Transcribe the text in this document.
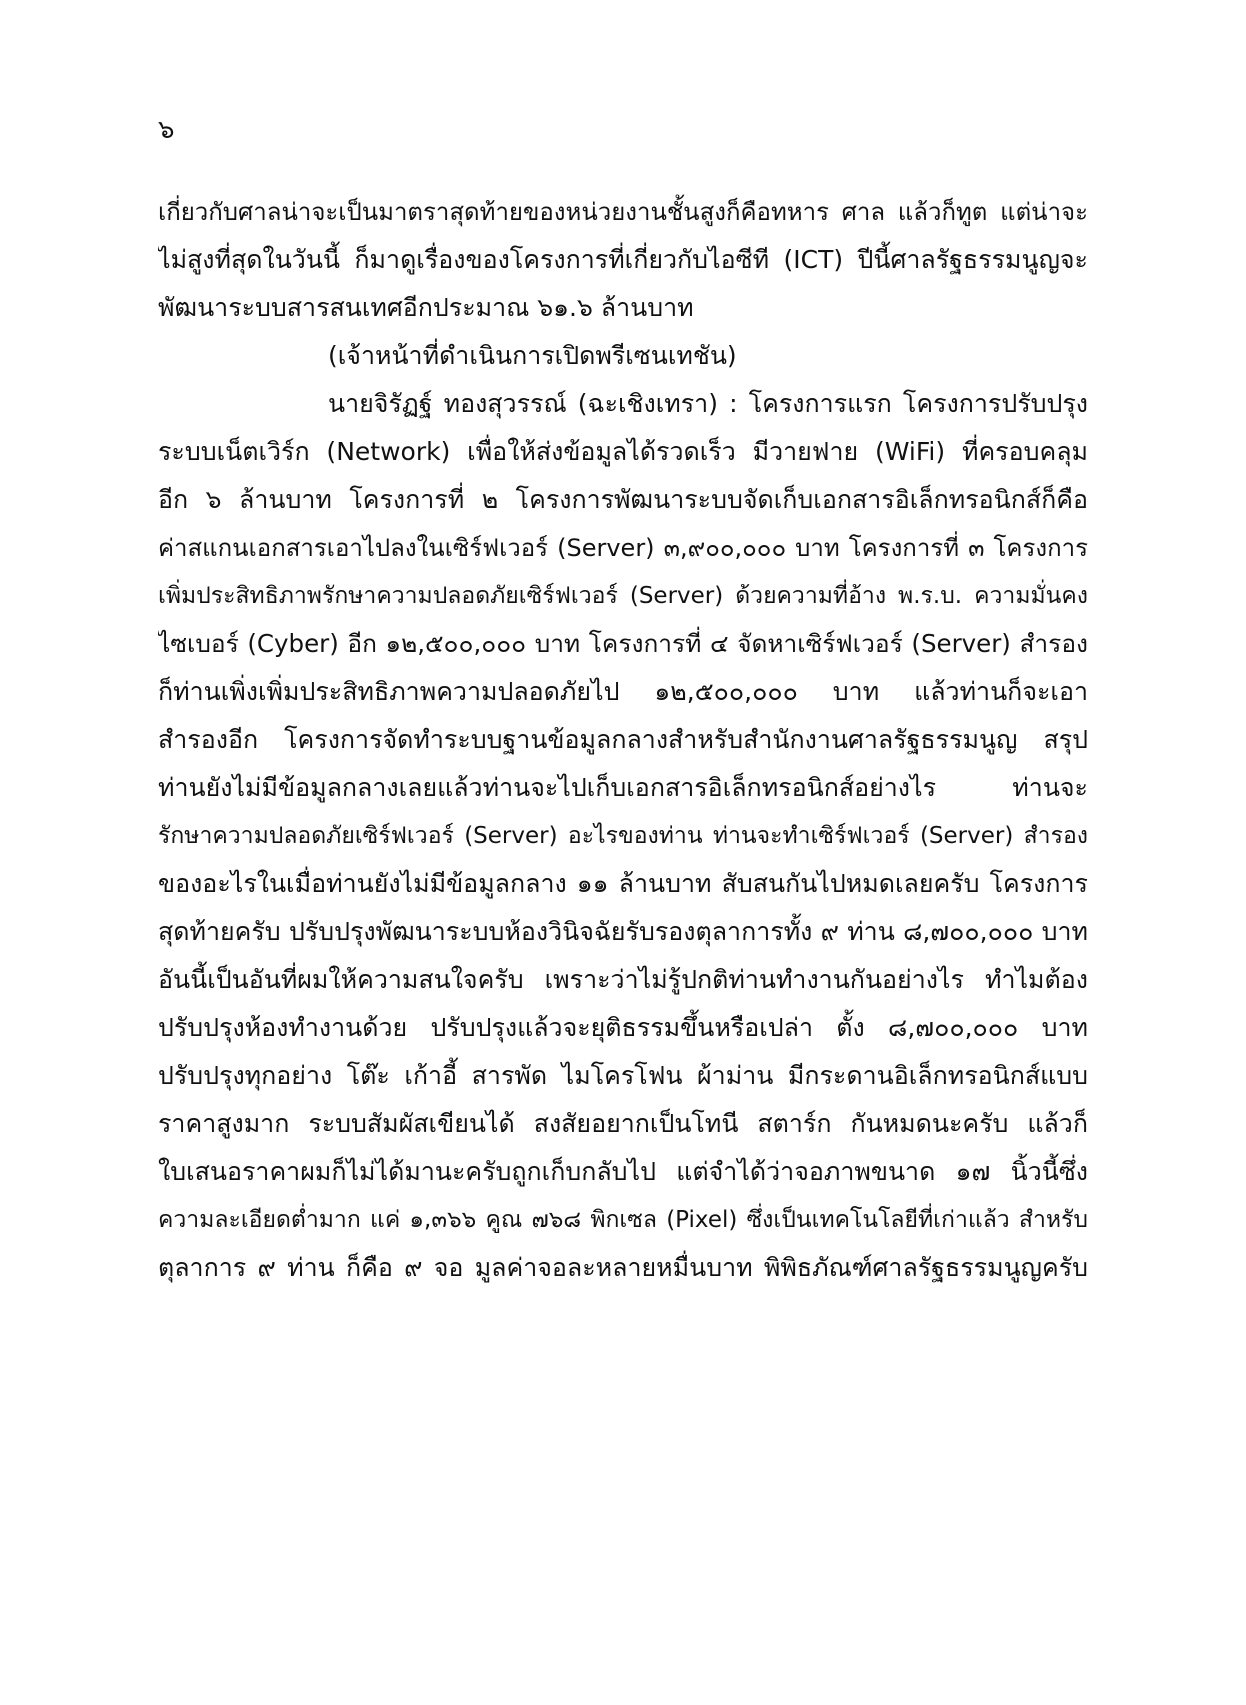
๖
เกี่ยวกับศาลน่าจะเป็นมาตราสุดท้ายของหน่วยงานชั้นสูงก็คือทหาร ศาล แล้วก็ทูต แต่น่าจะ
ไม่สูงที่สุดในวันนี้ ก็มาดูเรื่องของโครงการที่เกี่ยวกับไอซีที (ICT) ปีนี้ศาลรัฐธรรมนูญจะ
พัฒนาระบบสารสนเทศอีกประมาณ ๖๑.๖ ล้านบาท
(เจ้าหน้าที่ดำเนินการเปิดพรีเซนเทชัน)
นายจิรัฏฐ์ ทองสุวรรณ์ (ฉะเชิงเทรา) : โครงการแรก โครงการปรับปรุง
ระบบเน็ตเวิร์ก (Network) เพื่อให้ส่งข้อมูลได้รวดเร็ว มีวายฟาย (WiFi) ที่ครอบคลุม
อีก ๖ ล้านบาท โครงการที่ ๒ โครงการพัฒนาระบบจัดเก็บเอกสารอิเล็กทรอนิกส์ก็คือ
ค่าสแกนเอกสารเอาไปลงในเซิร์ฟเวอร์ (Server) ๓,๙๐๐,๐๐๐ บาท โครงการที่ ๓ โครงการ
เพิ่มประสิทธิภาพรักษาความปลอดภัยเซิร์ฟเวอร์ (Server) ด้วยความที่อ้าง พ.ร.บ. ความมั่นคง
ไซเบอร์ (Cyber) อีก ๑๒,๕๐๐,๐๐๐ บาท โครงการที่ ๔ จัดหาเซิร์ฟเวอร์ (Server) สำรอง
ก็ท่านเพิ่งเพิ่มประสิทธิภาพความปลอดภัยไป ๑๒,๕๐๐,๐๐๐ บาท แล้วท่านก็จะเอา
สำรองอีก โครงการจัดทำระบบฐานข้อมูลกลางสำหรับสำนักงานศาลรัฐธรรมนูญ สรุป
ท่านยังไม่มีข้อมูลกลางเลยแล้วท่านจะไปเก็บเอกสารอิเล็กทรอนิกส์อย่างไร ท่านจะ
รักษาความปลอดภัยเซิร์ฟเวอร์ (Server) อะไรของท่าน ท่านจะทำเซิร์ฟเวอร์ (Server) สำรอง
ของอะไรในเมื่อท่านยังไม่มีข้อมูลกลาง ๑๑ ล้านบาท สับสนกันไปหมดเลยครับ โครงการ
สุดท้ายครับ ปรับปรุงพัฒนาระบบห้องวินิจฉัยรับรองตุลาการทั้ง ๙ ท่าน ๘,๗๐๐,๐๐๐ บาท
อันนี้เป็นอันที่ผมให้ความสนใจครับ เพราะว่าไม่รู้ปกติท่านทำงานกันอย่างไร ทำไมต้อง
ปรับปรุงห้องทำงานด้วย ปรับปรุงแล้วจะยุติธรรมขึ้นหรือเปล่า ตั้ง ๘,๗๐๐,๐๐๐ บาท
ปรับปรุงทุกอย่าง โต๊ะ เก้าอี้ สารพัด ไมโครโฟน ผ้าม่าน มีกระดานอิเล็กทรอนิกส์แบบ
ราคาสูงมาก ระบบสัมผัสเขียนได้ สงสัยอยากเป็นโทนี สตาร์ก กันหมดนะครับ แล้วก็
ใบเสนอราคาผมก็ไม่ได้มานะครับถูกเก็บกลับไป แต่จำได้ว่าจอภาพขนาด ๑๗ นิ้วนี้ซึ่ง
ความละเอียดต่ำมาก แค่ ๑,๓๖๖ คูณ ๗๖๘ พิกเซล (Pixel) ซึ่งเป็นเทคโนโลยีที่เก่าแล้ว สำหรับ
ตุลาการ ๙ ท่าน ก็คือ ๙ จอ มูลค่าจอละหลายหมื่นบาท พิพิธภัณฑ์ศาลรัฐธรรมนูญครับ
